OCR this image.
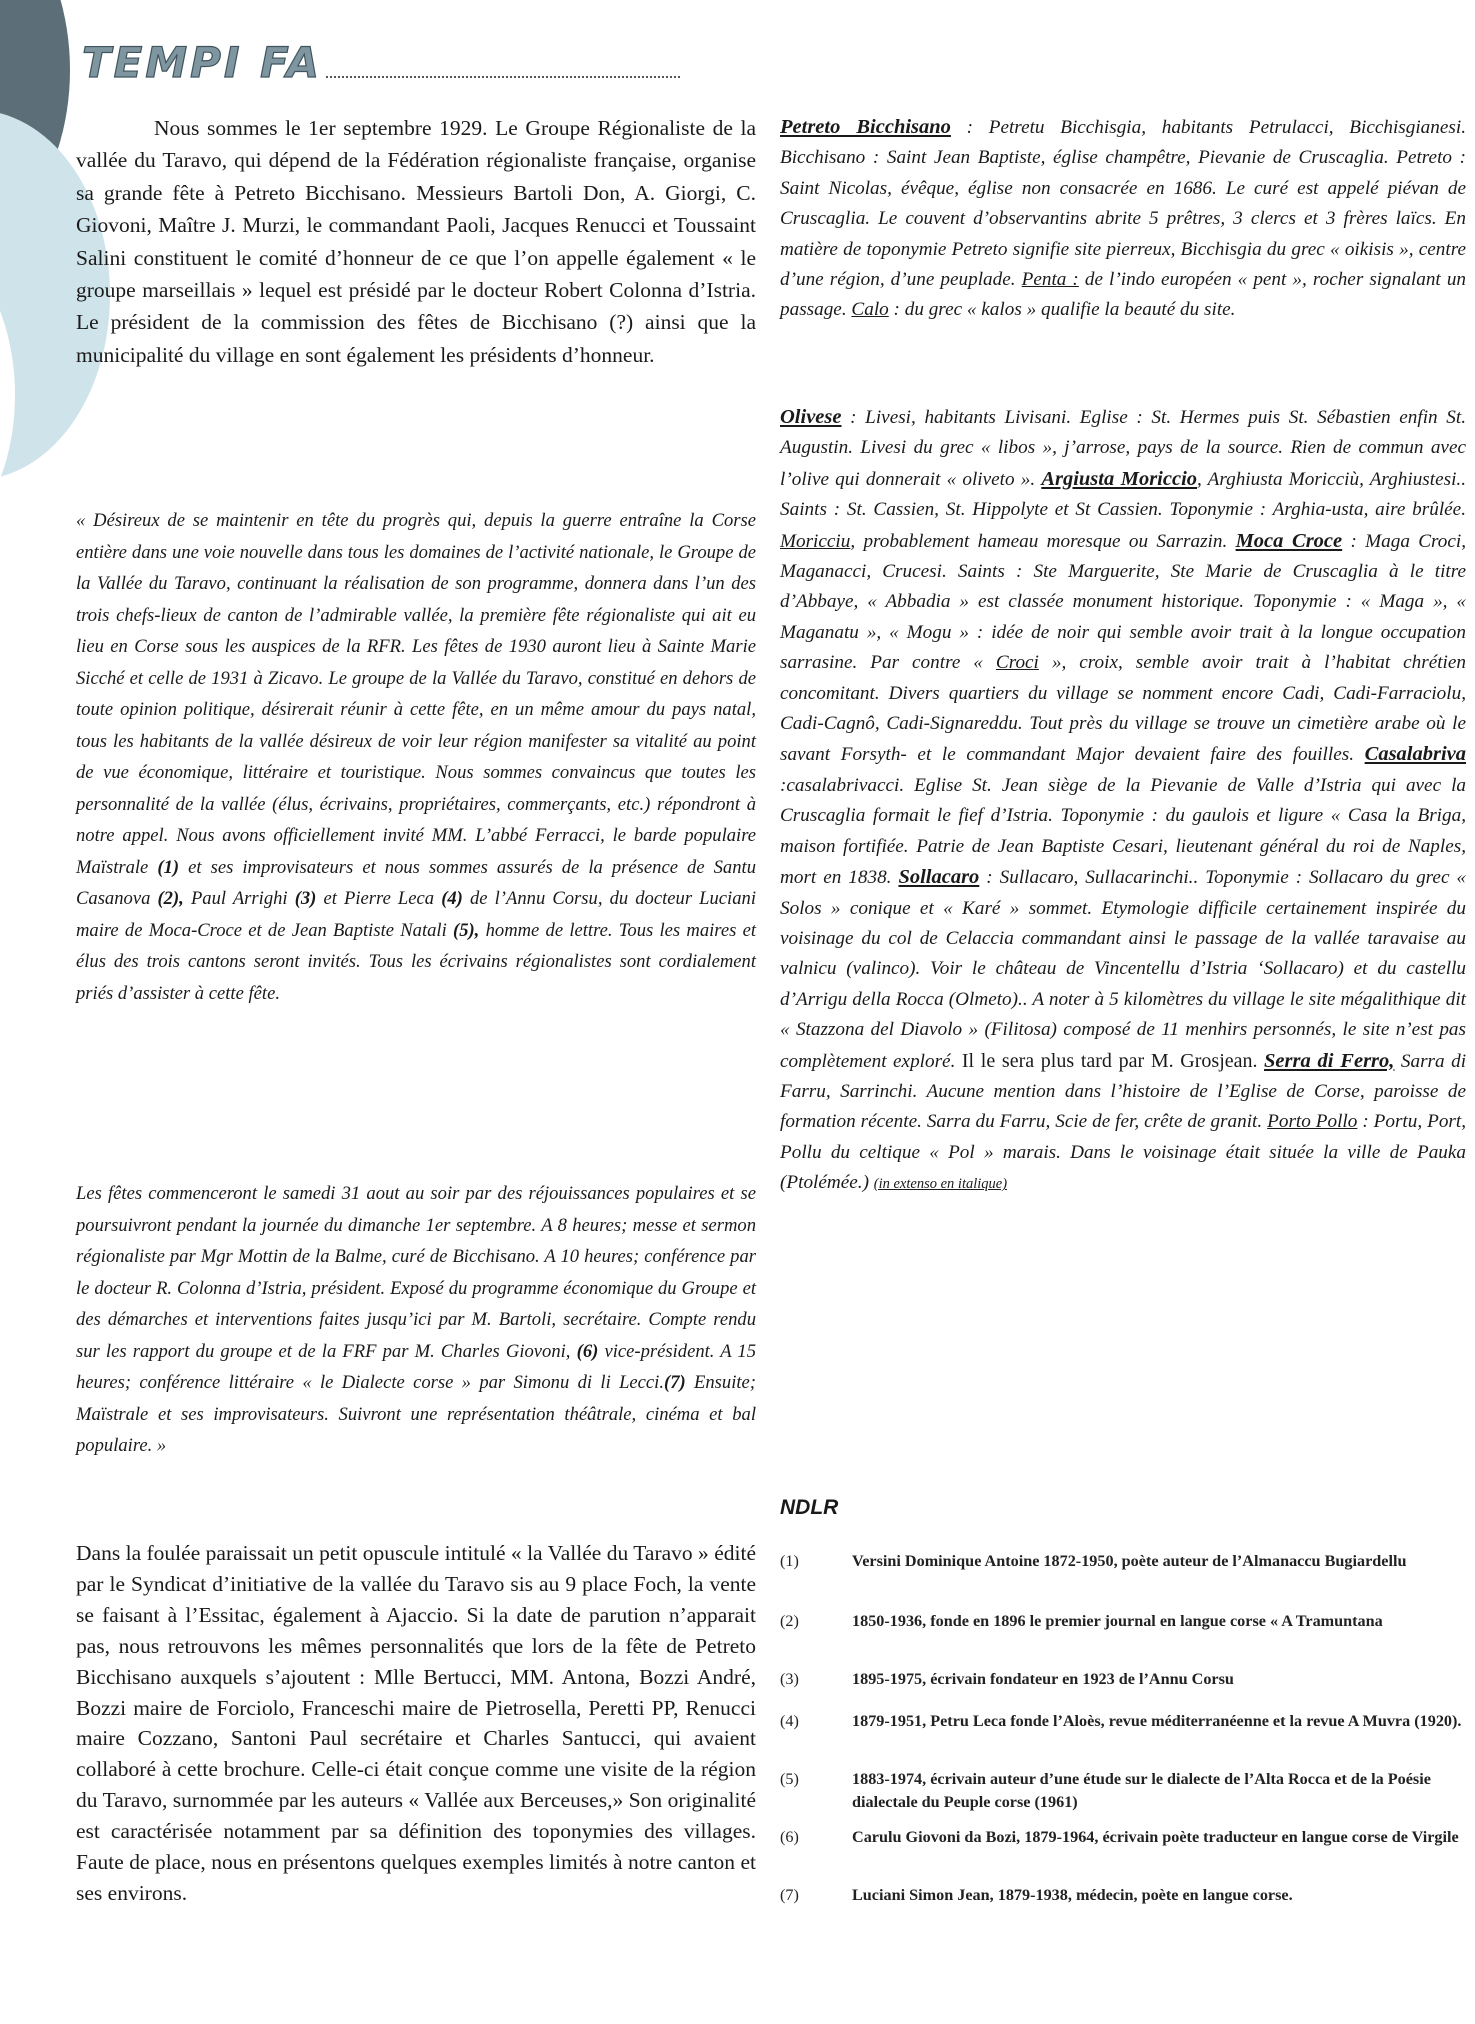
TEMPI FA

Nous sommes le 1er septembre 1929. Le Groupe Régionaliste de la vallée du Taravo, qui dépend de la Fédération régionaliste française, organise sa grande fête à Petreto Bicchisano. Messieurs Bartoli Don, A. Giorgi, C. Giovoni, Maître J. Murzi, le commandant Paoli, Jacques Renucci et Toussaint Salini constituent le comité d’honneur de ce que l’on appelle également « le groupe marseillais » lequel est présidé par le docteur Robert Colonna d’Istria. Le président de la commission des fêtes de Bicchisano (?) ainsi que la municipalité du village en sont également les présidents d’honneur.

« Désireux de se maintenir en tête du progrès qui, depuis la guerre entraîne la Corse entière dans une voie nouvelle dans tous les domaines de l’activité nationale, le Groupe de la Vallée du Taravo, continuant la réalisation de son programme, donnera dans l’un des trois chefs-lieux de canton de l’admirable vallée, la première fête régionaliste qui ait eu lieu en Corse sous les auspices de la RFR. Les fêtes de 1930 auront lieu à Sainte Marie Sicché et celle de 1931 à Zicavo. Le groupe de la Vallée du Taravo, constitué en dehors de toute opinion politique, désirerait réunir à cette fête, en un même amour du pays natal, tous les habitants de la vallée désireux de voir leur région manifester sa vitalité au point de vue économique, littéraire et touristique. Nous sommes convaincus que toutes les personnalité de la vallée (élus, écrivains, propriétaires, commerçants, etc.) répondront à notre appel. Nous avons officiellement invité MM. L’abbé Ferracci, le barde populaire Maïstrale (1) et ses improvisateurs et nous sommes assurés de la présence de Santu Casanova (2), Paul Arrighi (3) et Pierre Leca (4) de l’Annu Corsu, du docteur Luciani maire de Moca-Croce et de Jean Baptiste Natali (5), homme de lettre. Tous les maires et élus des trois cantons seront invités. Tous les écrivains régionalistes sont cordialement priés d’assister à cette fête.

Les fêtes commenceront le samedi 31 aout au soir par des réjouissances populaires et se poursuivront pendant la journée du dimanche 1er septembre. A 8 heures; messe et sermon régionaliste par Mgr Mottin de la Balme, curé de Bicchisano. A 10 heures; conférence par le docteur R. Colonna d’Istria, président. Exposé du programme économique du Groupe et des démarches et interventions faites jusqu’ici par M. Bartoli, secrétaire. Compte rendu sur les rapport du groupe et de la FRF par M. Charles Giovoni, (6) vice-président. A 15 heures; conférence littéraire « le Dialecte corse » par Simonu di li Lecci.(7) Ensuite; Maïstrale et ses improvisateurs. Suivront une représentation théâtrale, cinéma et bal populaire. »

Dans la foulée paraissait un petit opuscule intitulé « la Vallée du Taravo » édité par le Syndicat d’initiative de la vallée du Taravo sis au 9 place Foch, la vente se faisant à l’Essitac, également à Ajaccio. Si la date de parution n’apparait pas, nous retrouvons les mêmes personnalités que lors de la fête de Petreto Bicchisano auxquels s’ajoutent : Mlle Bertucci, MM. Antona, Bozzi André, Bozzi maire de Forciolo, Franceschi maire de Pietrosella, Peretti PP, Renucci maire Cozzano, Santoni Paul secrétaire et Charles Santucci, qui avaient collaboré à cette brochure. Celle-ci était conçue comme une visite de la région du Taravo, surnommée par les auteurs « Vallée aux Berceuses,» Son originalité est caractérisée notamment par sa définition des toponymies des villages. Faute de place, nous en présentons quelques exemples limités à notre canton et ses environs.

Petreto Bicchisano : Petretu Bicchisgia, habitants Petrulacci, Bicchisgianesi. Bicchisano : Saint Jean Baptiste, église champêtre, Pievanie de Cruscaglia. Petreto : Saint Nicolas, évêque, église non consacrée en 1686. Le curé est appelé piévan de Cruscaglia. Le couvent d’observantins abrite 5 prêtres, 3 clercs et 3 frères laïcs. En matière de toponymie Petreto signifie site pierreux, Bicchisgia du grec « oikisis », centre d’une région, d’une peuplade. Penta : de l’indo européen « pent », rocher signalant un passage. Calo : du grec « kalos » qualifie la beauté du site.

Olivese : Livesi, habitants Livisani. Eglise : St. Hermes puis St. Sébastien enfin St. Augustin. Livesi du grec « libos », j’arrose, pays de la source. Rien de commun avec l’olive qui donnerait « oliveto ». Argiusta Moriccio, Arghiusta Moricciù, Arghiustesi.. Saints : St. Cassien, St. Hippolyte et St Cassien. Toponymie : Arghia-usta, aire brûlée. Moricciu, probablement hameau moresque ou Sarrazin. Moca Croce : Maga Croci, Maganacci, Crucesi. Saints : Ste Marguerite, Ste Marie de Cruscaglia à le titre d’Abbaye, « Abbadia » est classée monument historique. Toponymie : « Maga », « Maganatu », « Mogu » : idée de noir qui semble avoir trait à la longue occupation sarrasine. Par contre « Croci », croix, semble avoir trait à l’habitat chrétien concomitant. Divers quartiers du village se nomment encore Cadi, Cadi-Farraciolu, Cadi-Cagnô, Cadi-Signareddu. Tout près du village se trouve un cimetière arabe où le savant Forsyth- et le commandant Major devaient faire des fouilles. Casalabriva :casalabrivacci. Eglise St. Jean siège de la Pievanie de Valle d’Istria qui avec la Cruscaglia formait le fief d’Istria. Toponymie : du gaulois et ligure « Casa la Briga, maison fortifiée. Patrie de Jean Baptiste Cesari, lieutenant général du roi de Naples, mort en 1838. Sollacaro : Sullacaro, Sullacarinchi.. Toponymie : Sollacaro du grec « Solos » conique et « Karé » sommet. Etymologie difficile certainement inspirée du voisinage du col de Celaccia commandant ainsi le passage de la vallée taravaise au valnicu (valinco). Voir le château de Vincentellu d’Istria ‘Sollacaro) et du castellu d’Arrigu della Rocca (Olmeto).. A noter à 5 kilomètres du village le site mégalithique dit « Stazzona del Diavolo » (Filitosa) composé de 11 menhirs personnés, le site n’est pas complètement exploré. Il le sera plus tard par M. Grosjean. Serra di Ferro, Sarra di Farru, Sarrinchi. Aucune mention dans l’histoire de l’Eglise de Corse, paroisse de formation récente. Sarra du Farru, Scie de fer, crête de granit. Porto Pollo : Portu, Port, Pollu du celtique « Pol » marais. Dans le voisinage était située la ville de Pauka (Ptolémée.) (in extenso en italique)

NDLR
(1)	Versini Dominique Antoine 1872-1950, poète auteur de l’Almanaccu Bugiardellu
(2)	1850-1936, fonde en 1896 le premier journal en langue corse « A Tramuntana
(3)	1895-1975, écrivain fondateur en 1923 de l’Annu Corsu
(4)	1879-1951, Petru Leca fonde l’Aloès, revue méditerranéenne et la revue A Muvra (1920).
(5)	1883-1974, écrivain auteur d’une étude sur le dialecte de l’Alta Rocca et de la Poésie dialectale du Peuple corse (1961)
(6)	Carulu Giovoni da Bozi, 1879-1964, écrivain poète traducteur en langue corse de Virgile
(7)	Luciani Simon Jean, 1879-1938, médecin, poète en langue corse.
